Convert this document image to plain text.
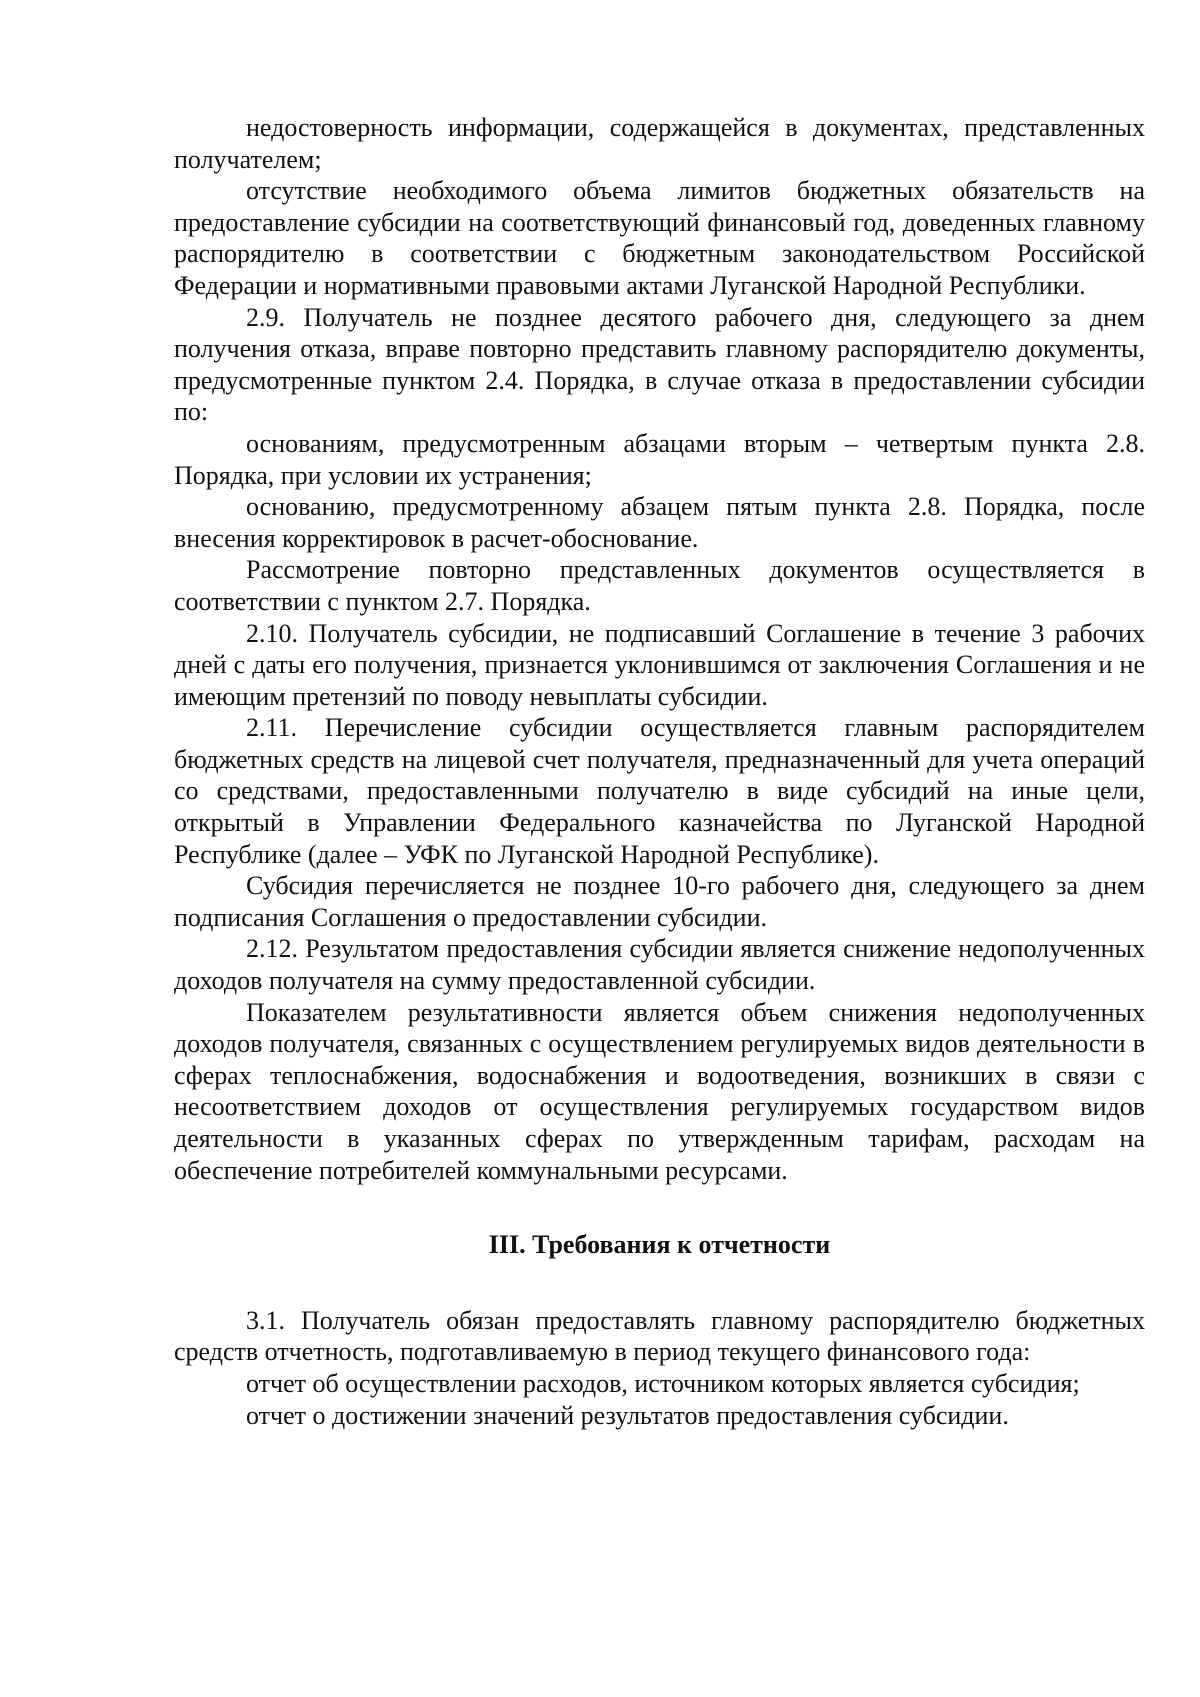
недостоверность информации, содержащейся в документах, представленных получателем;

отсутствие необходимого объема лимитов бюджетных обязательств на предоставление субсидии на соответствующий финансовый год, доведенных главному распорядителю в соответствии с бюджетным законодательством Российской Федерации и нормативными правовыми актами Луганской Народной Республики.

2.9. Получатель не позднее десятого рабочего дня, следующего за днем получения отказа, вправе повторно представить главному распорядителю документы, предусмотренные пунктом 2.4. Порядка, в случае отказа в предоставлении субсидии по:

основаниям, предусмотренным абзацами вторым – четвертым пункта 2.8. Порядка, при условии их устранения;

основанию, предусмотренному абзацем пятым пункта 2.8. Порядка, после внесения корректировок в расчет-обоснование.

Рассмотрение повторно представленных документов осуществляется в соответствии с пунктом 2.7. Порядка.

2.10. Получатель субсидии, не подписавший Соглашение в течение 3 рабочих дней с даты его получения, признается уклонившимся от заключения Соглашения и не имеющим претензий по поводу невыплаты субсидии.

2.11. Перечисление субсидии осуществляется главным распорядителем бюджетных средств на лицевой счет получателя, предназначенный для учета операций со средствами, предоставленными получателю в виде субсидий на иные цели, открытый в Управлении Федерального казначейства по Луганской Народной Республике (далее – УФК по Луганской Народной Республике).

Субсидия перечисляется не позднее 10-го рабочего дня, следующего за днем подписания Соглашения о предоставлении субсидии.

2.12. Результатом предоставления субсидии является снижение недополученных доходов получателя на сумму предоставленной субсидии.

Показателем результативности является объем снижения недополученных доходов получателя, связанных с осуществлением регулируемых видов деятельности в сферах теплоснабжения, водоснабжения и водоотведения, возникших в связи с несоответствием доходов от осуществления регулируемых государством видов деятельности в указанных сферах по утвержденным тарифам, расходам на обеспечение потребителей коммунальными ресурсами.

III. Требования к отчетности

3.1. Получатель обязан предоставлять главному распорядителю бюджетных средств отчетность, подготавливаемую в период текущего финансового года:

отчет об осуществлении расходов, источником которых является субсидия;

отчет о достижении значений результатов предоставления субсидии.
